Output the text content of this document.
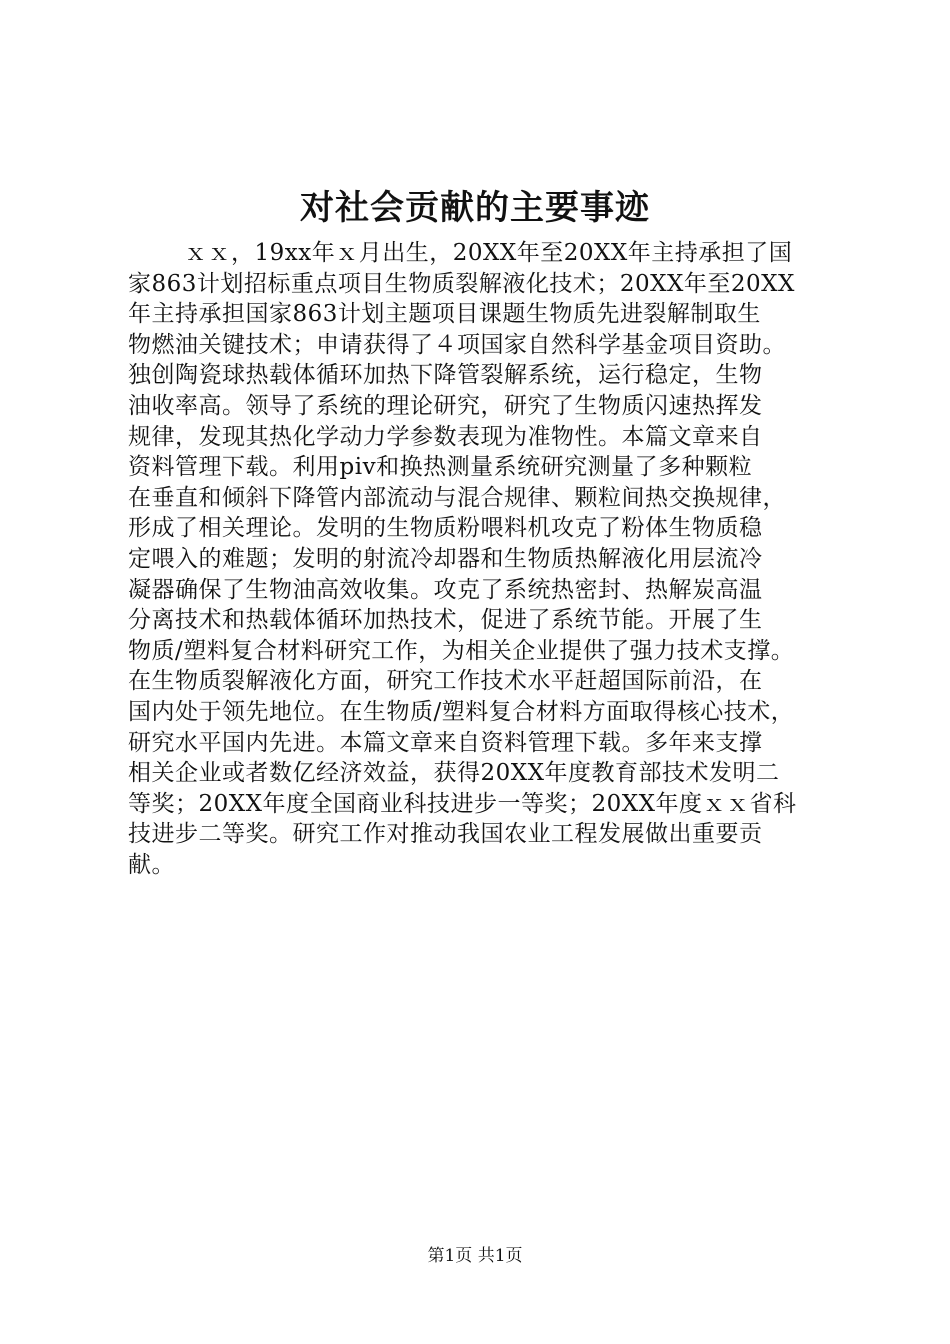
对社会贡献的主要事迹
ｘｘ，19xx年ｘ月出生，20XX年至20XX年主持承担了国
家863计划招标重点项目生物质裂解液化技术；20XX年至20XX
年主持承担国家863计划主题项目课题生物质先进裂解制取生
物燃油关键技术；申请获得了４项国家自然科学基金项目资助。
独创陶瓷球热载体循环加热下降管裂解系统，运行稳定，生物
油收率高。领导了系统的理论研究，研究了生物质闪速热挥发
规律，发现其热化学动力学参数表现为准物性。本篇文章来自
资料管理下载。利用piv和换热测量系统研究测量了多种颗粒
在垂直和倾斜下降管内部流动与混合规律、颗粒间热交换规律，
形成了相关理论。发明的生物质粉喂料机攻克了粉体生物质稳
定喂入的难题；发明的射流冷却器和生物质热解液化用层流冷
凝器确保了生物油高效收集。攻克了系统热密封、热解炭高温
分离技术和热载体循环加热技术，促进了系统节能。开展了生
物质/塑料复合材料研究工作，为相关企业提供了强力技术支撑。
在生物质裂解液化方面，研究工作技术水平赶超国际前沿，在
国内处于领先地位。在生物质/塑料复合材料方面取得核心技术，
研究水平国内先进。本篇文章来自资料管理下载。多年来支撑
相关企业或者数亿经济效益，获得20XX年度教育部技术发明二
等奖；20XX年度全国商业科技进步一等奖；20XX年度ｘｘ省科
技进步二等奖。研究工作对推动我国农业工程发展做出重要贡
献。
第1页 共1页
